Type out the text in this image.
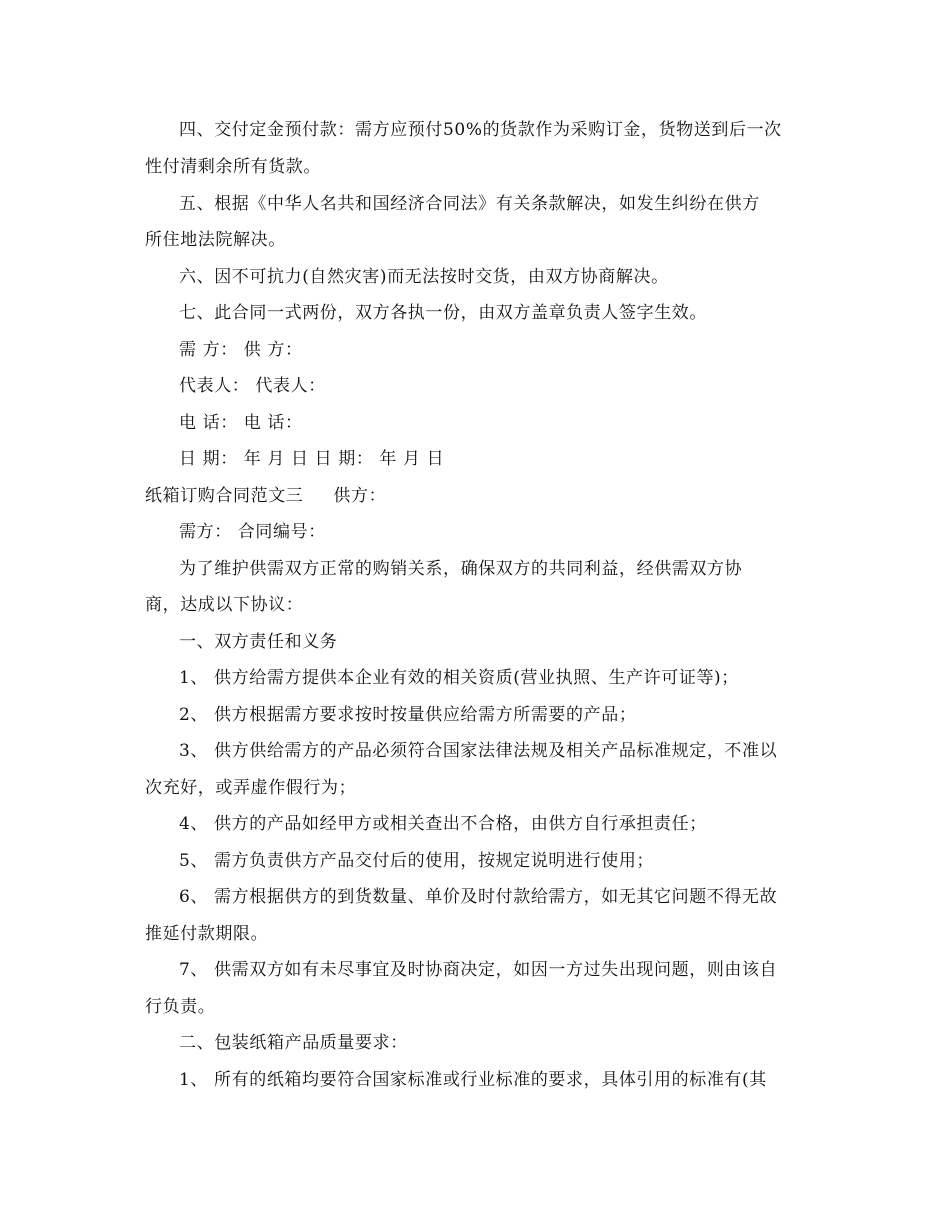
四、交付定金预付款：需方应预付50%的货款作为采购订金，货物送到后一次
性付清剩余所有货款。
五、根据《中华人名共和国经济合同法》有关条款解决，如发生纠纷在供方
所住地法院解决。
六、因不可抗力(自然灾害)而无法按时交货，由双方协商解决。
七、此合同一式两份，双方各执一份，由双方盖章负责人签字生效。
需 方： 供 方：
代表人： 代表人：
电 话： 电 话：
日 期： 年 月 日 日 期： 年 月 日
纸箱订购合同范文三 供方：
需方： 合同编号：
为了维护供需双方正常的购销关系，确保双方的共同利益，经供需双方协
商，达成以下协议：
一、双方责任和义务
1、 供方给需方提供本企业有效的相关资质(营业执照、生产许可证等)；
2、 供方根据需方要求按时按量供应给需方所需要的产品；
3、 供方供给需方的产品必须符合国家法律法规及相关产品标准规定，不准以
次充好，或弄虚作假行为；
4、 供方的产品如经甲方或相关查出不合格，由供方自行承担责任；
5、 需方负责供方产品交付后的使用，按规定说明进行使用；
6、 需方根据供方的到货数量、单价及时付款给需方，如无其它问题不得无故
推延付款期限。
7、 供需双方如有未尽事宜及时协商决定，如因一方过失出现问题，则由该自
行负责。
二、包装纸箱产品质量要求：
1、 所有的纸箱均要符合国家标准或行业标准的要求，具体引用的标准有(其
